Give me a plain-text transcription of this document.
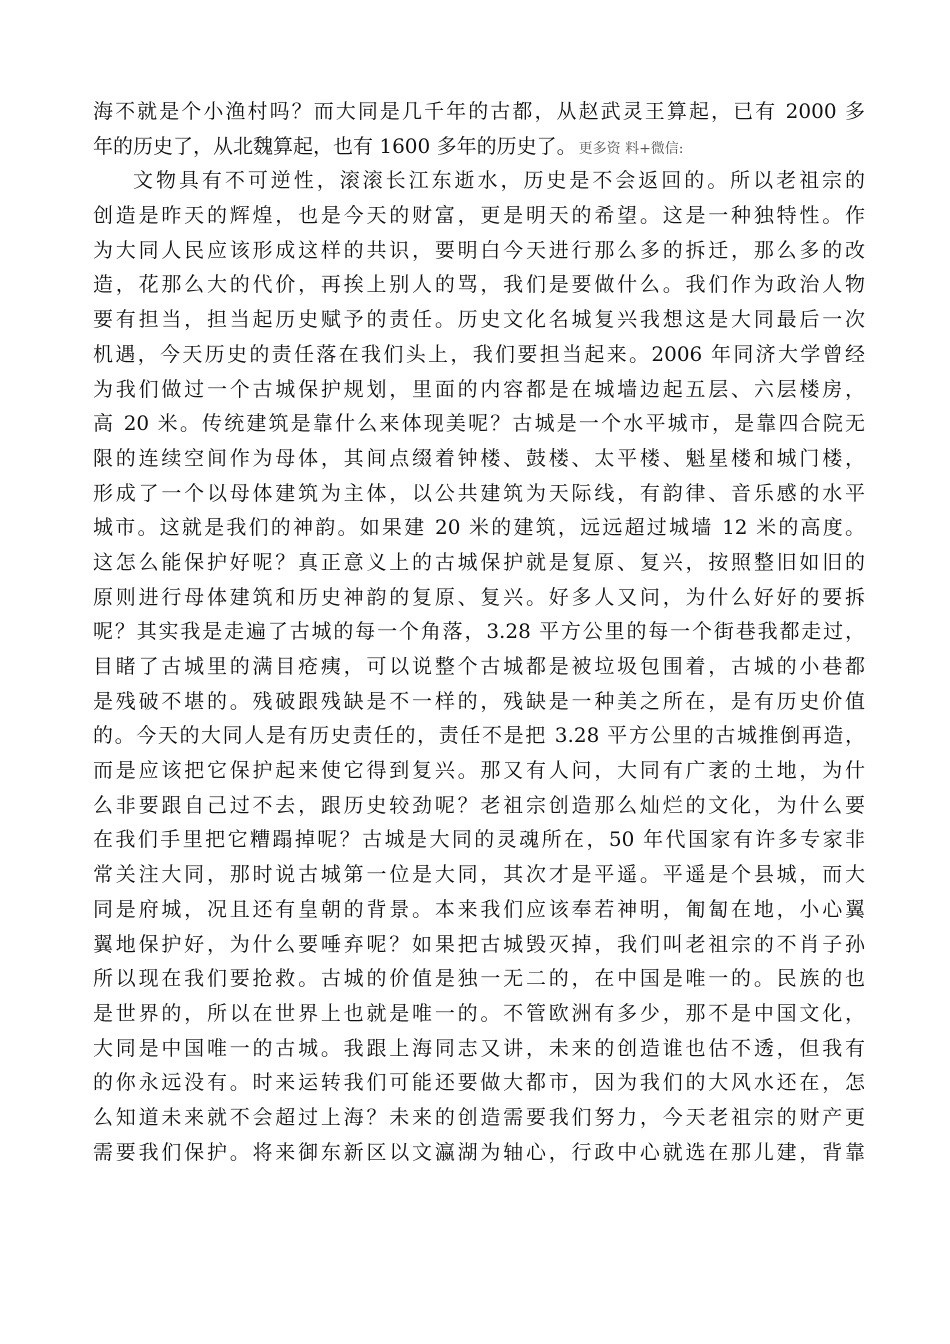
海不就是个小渔村吗？而大同是几千年的古都，从赵武灵王算起，已有 2000 多
年的历史了，从北魏算起，也有 1600 多年的历史了。 更多资 料+微信:
文物具有不可逆性，滚滚长江东逝水，历史是不会返回的。所以老祖宗的
创造是昨天的辉煌，也是今天的财富，更是明天的希望。这是一种独特性。作
为大同人民应该形成这样的共识，要明白今天进行那么多的拆迁，那么多的改
造，花那么大的代价，再挨上别人的骂，我们是要做什么。我们作为政治人物
要有担当，担当起历史赋予的责任。历史文化名城复兴我想这是大同最后一次
机遇，今天历史的责任落在我们头上，我们要担当起来。2006 年同济大学曾经
为我们做过一个古城保护规划，里面的内容都是在城墙边起五层、六层楼房，
高 20 米。传统建筑是靠什么来体现美呢？古城是一个水平城市，是靠四合院无
限的连续空间作为母体，其间点缀着钟楼、鼓楼、太平楼、魁星楼和城门楼，
形成了一个以母体建筑为主体，以公共建筑为天际线，有韵律、音乐感的水平
城市。这就是我们的神韵。如果建 20 米的建筑，远远超过城墙 12 米的高度。
这怎么能保护好呢？真正意义上的古城保护就是复原、复兴，按照整旧如旧的
原则进行母体建筑和历史神韵的复原、复兴。好多人又问，为什么好好的要拆
呢？其实我是走遍了古城的每一个角落，3.28 平方公里的每一个街巷我都走过，
目睹了古城里的满目疮痍，可以说整个古城都是被垃圾包围着，古城的小巷都
是残破不堪的。残破跟残缺是不一样的，残缺是一种美之所在，是有历史价值
的。今天的大同人是有历史责任的，责任不是把 3.28 平方公里的古城推倒再造，
而是应该把它保护起来使它得到复兴。那又有人问，大同有广袤的土地，为什
么非要跟自己过不去，跟历史较劲呢？老祖宗创造那么灿烂的文化，为什么要
在我们手里把它糟蹋掉呢？古城是大同的灵魂所在，50 年代国家有许多专家非
常关注大同，那时说古城第一位是大同，其次才是平遥。平遥是个县城，而大
同是府城，况且还有皇朝的背景。本来我们应该奉若神明，匍匐在地，小心翼
翼地保护好，为什么要唾弃呢？如果把古城毁灭掉，我们叫老祖宗的不肖子孙
所以现在我们要抢救。古城的价值是独一无二的，在中国是唯一的。民族的也
是世界的，所以在世界上也就是唯一的。不管欧洲有多少，那不是中国文化，
大同是中国唯一的古城。我跟上海同志又讲，未来的创造谁也估不透，但我有
的你永远没有。时来运转我们可能还要做大都市，因为我们的大风水还在，怎
么知道未来就不会超过上海？未来的创造需要我们努力，今天老祖宗的财产更
需要我们保护。将来御东新区以文瀛湖为轴心，行政中心就选在那儿建，背靠
